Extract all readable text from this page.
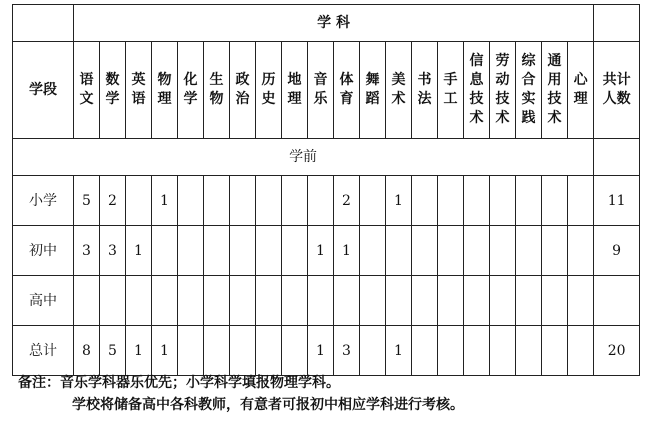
	学 科																				
学段	语文	数学	英语	物理	化学	生物	政治	历史	地理	音乐	体育	舞蹈	美术	书法	手工	信息技术	劳动技术	综合实践	通用技术	心理	共计人数
学前																					
小学	5	2		1							2		1								11
初中	3	3	1							1	1										9
高中																					
总计	8	5	1	1						1	3		1								20
备注：音乐学科器乐优先；小学科学填报物理学科。
学校将储备高中各科教师，有意者可报初中相应学科进行考核。
